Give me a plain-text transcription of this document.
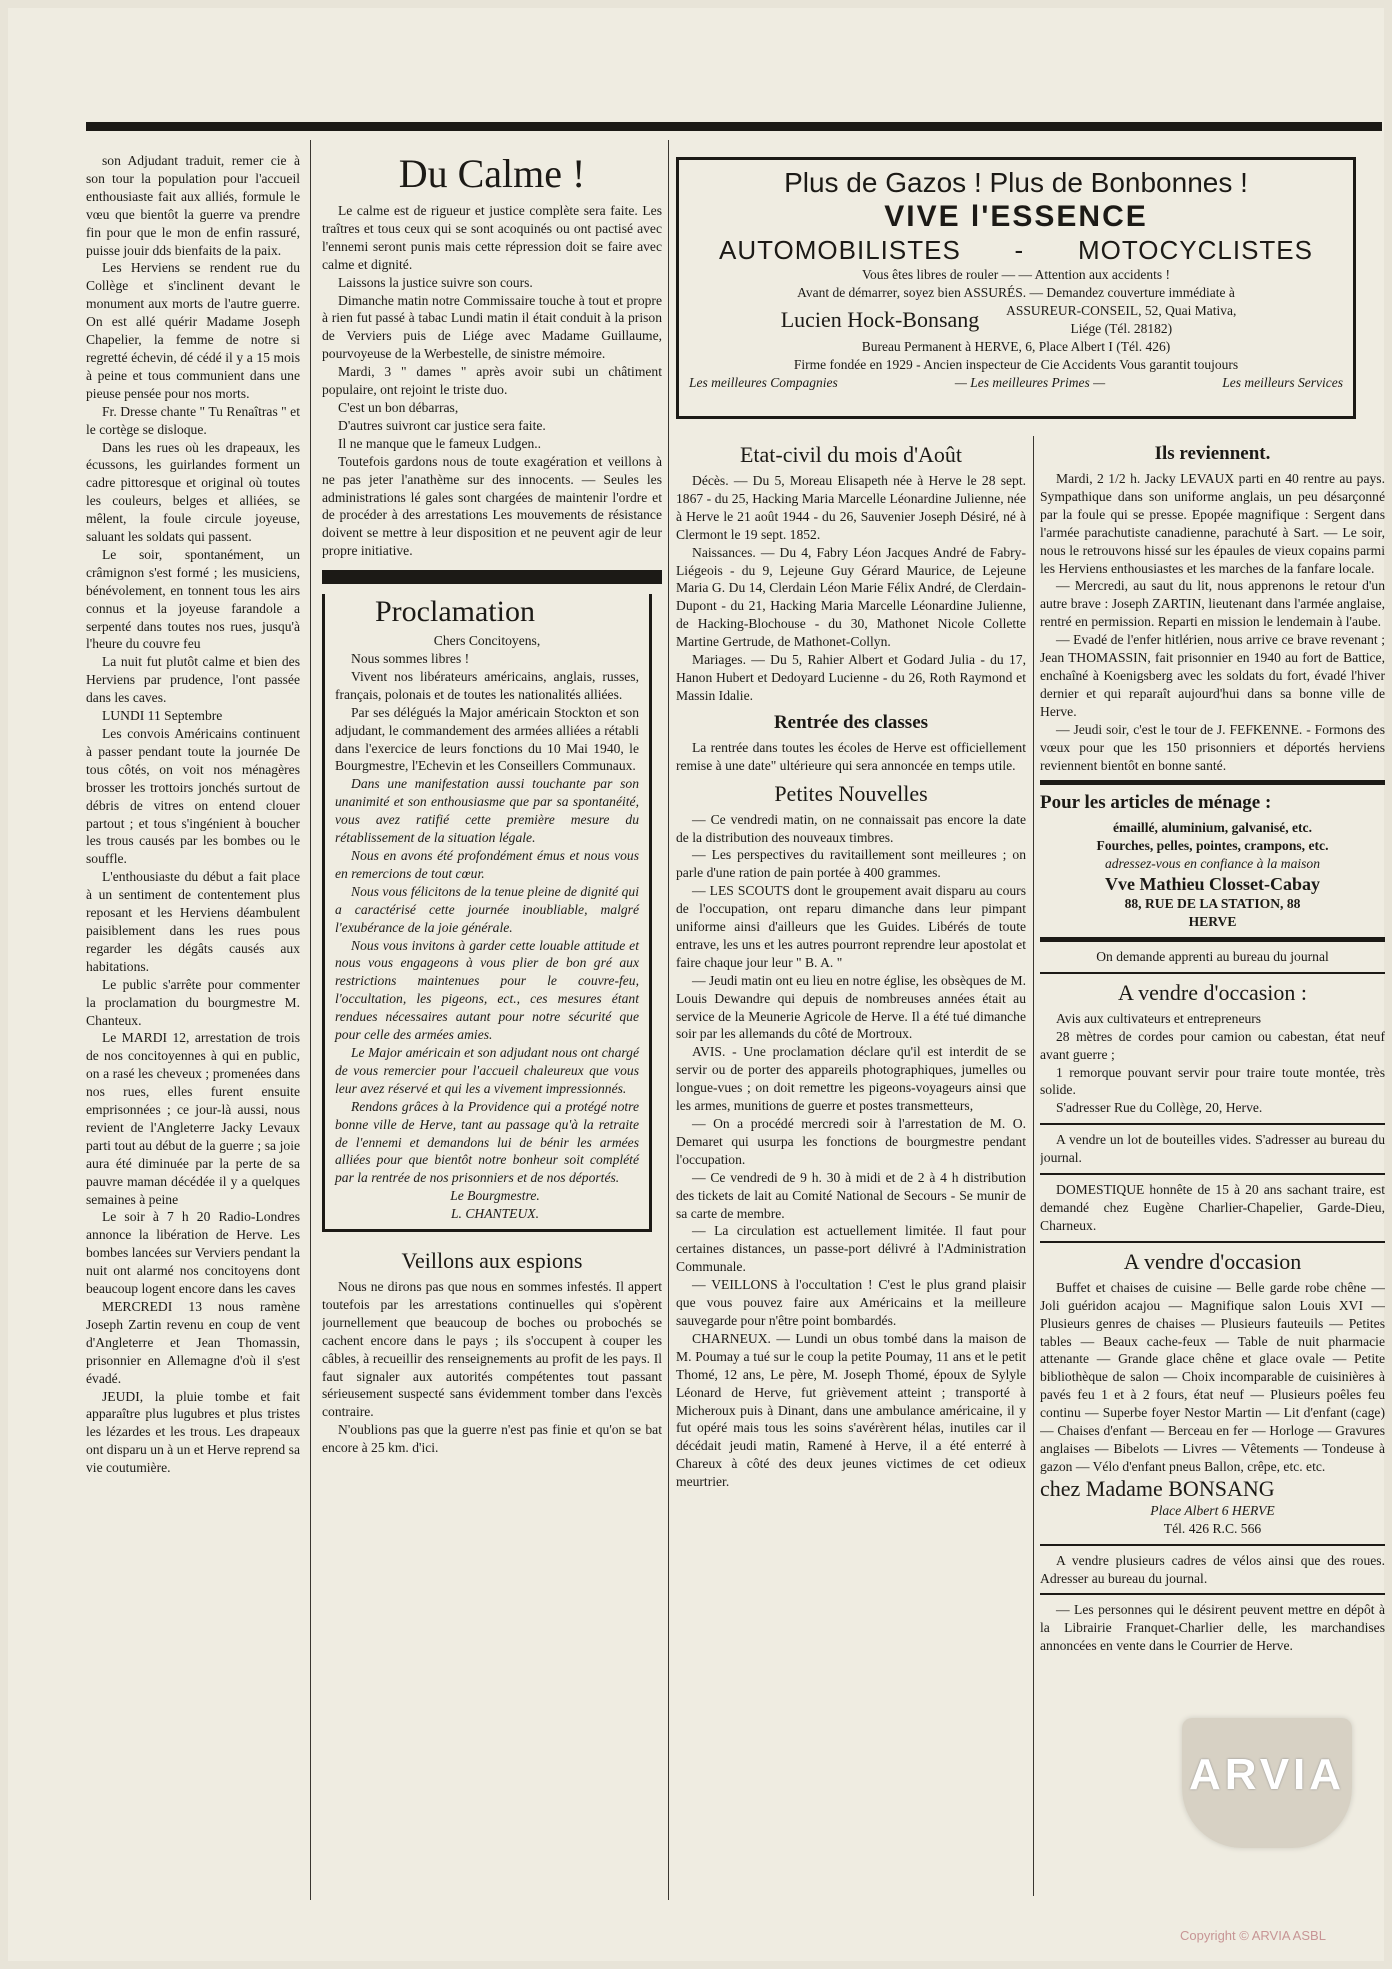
son Adjudant traduit, remer cie à son tour la population pour l'accueil enthousiaste fait aux alliés, formule le vœu que bientôt la guerre va prendre fin pour que le mon de enfin rassuré, puisse jouir dds bienfaits de la paix.

Les Herviens se rendent rue du Collège et s'inclinent devant le monument aux morts de l'autre guerre. On est allé quérir Madame Joseph Chapelier, la femme de notre si regretté échevin, dé cédé il y a 15 mois à peine et tous communient dans une pieuse pensée pour nos morts.

Fr. Dresse chante " Tu Renaîtras " et le cortège se disloque.

Dans les rues où les drapeaux, les écussons, les guirlandes forment un cadre pittoresque et original où toutes les couleurs, belges et alliées, se mêlent, la foule circule joyeuse, saluant les soldats qui passent.

Le soir, spontanément, un crâmignon s'est formé ; les musiciens, bénévolement, en tonnent tous les airs connus et la joyeuse farandole a serpenté dans toutes nos rues, jusqu'à l'heure du couvre feu

La nuit fut plutôt calme et bien des Herviens par prudence, l'ont passée dans les caves.

LUNDI 11 Septembre

Les convois Américains continuent à passer pendant toute la journée De tous côtés, on voit nos ménagères brosser les trottoirs jonchés surtout de débris de vitres on entend clouer partout ; et tous s'ingénient à boucher les trous causés par les bombes ou le souffle.

L'enthousiaste du début a fait place à un sentiment de contentement plus reposant et les Herviens déambulent paisiblement dans les rues pous regarder les dégâts causés aux habitations.

Le public s'arrête pour commenter la proclamation du bourgmestre M. Chanteux.

Le MARDI 12, arrestation de trois de nos concitoyennes à qui en public, on a rasé les cheveux ; promenées dans nos rues, elles furent ensuite emprisonnées ; ce jour-là aussi, nous revient de l'Angleterre Jacky Levaux parti tout au début de la guerre ; sa joie aura été diminuée par la perte de sa pauvre maman décédée il y a quelques semaines à peine

Le soir à 7 h 20 Radio-Londres annonce la libération de Herve. Les bombes lancées sur Verviers pendant la nuit ont alarmé nos concitoyens dont beaucoup logent encore dans les caves

MERCREDI 13 nous ramène Joseph Zartin revenu en coup de vent d'Angleterre et Jean Thomassin, prisonnier en Allemagne d'où il s'est évadé.

JEUDI, la pluie tombe et fait apparaître plus lugubres et plus tristes les lézardes et les trous. Les drapeaux ont disparu un à un et Herve reprend sa vie coutumière.

Du Calme !

Le calme est de rigueur et justice complète sera faite. Les traîtres et tous ceux qui se sont acoquinés ou ont pactisé avec l'ennemi seront punis mais cette répression doit se faire avec calme et dignité.

Laissons la justice suivre son cours.

Dimanche matin notre Commissaire touche à tout et propre à rien fut passé à tabac Lundi matin il était conduit à la prison de Verviers puis de Liége avec Madame Guillaume, pourvoyeuse de la Werbestelle, de sinistre mémoire.

Mardi, 3 " dames " après avoir subi un châtiment populaire, ont rejoint le triste duo.

C'est un bon débarras,

D'autres suivront car justice sera faite.

Il ne manque que le fameux Ludgen..

Toutefois gardons nous de toute exagération et veillons à ne pas jeter l'anathème sur des innocents. — Seules les administrations lé gales sont chargées de maintenir l'ordre et de procéder à des arrestations Les mouvements de résistance doivent se mettre à leur disposition et ne peuvent agir de leur propre initiative.

Proclamation

Chers Concitoyens,

Nous sommes libres !

Vivent nos libérateurs américains, anglais, russes, français, polonais et de toutes les nationalités alliées.

Par ses délégués la Major américain Stockton et son adjudant, le commandement des armées alliées a rétabli dans l'exercice de leurs fonctions du 10 Mai 1940, le Bourgmestre, l'Echevin et les Conseillers Communaux.

Dans une manifestation aussi touchante par son unanimité et son enthousiasme que par sa spontanéité, vous avez ratifié cette première mesure du rétablissement de la situation légale.

Nous en avons été profondément émus et nous vous en remercions de tout cœur.

Nous vous félicitons de la tenue pleine de dignité qui a caractérisé cette journée inoubliable, malgré l'exubérance de la joie générale.

Nous vous invitons à garder cette louable attitude et nous vous engageons à vous plier de bon gré aux restrictions maintenues pour le couvre-feu, l'occultation, les pigeons, ect., ces mesures étant rendues nécessaires autant pour notre sécurité que pour celle des armées amies.

Le Major américain et son adjudant nous ont chargé de vous remercier pour l'accueil chaleureux que vous leur avez réservé et qui les a vivement impressionnés.

Rendons grâces à la Providence qui a protégé notre bonne ville de Herve, tant au passage qu'à la retraite de l'ennemi et demandons lui de bénir les armées alliées pour que bientôt notre bonheur soit complété par la rentrée de nos prisonniers et de nos déportés.

Le Bourgmestre.

L. CHANTEUX.

Veillons aux espions

Nous ne dirons pas que nous en sommes infestés. Il appert toutefois par les arrestations continuelles qui s'opèrent journellement que beaucoup de boches ou probochés se cachent encore dans le pays ; ils s'occupent à couper les câbles, à recueillir des renseignements au profit de les pays. Il faut signaler aux autorités compétentes tout passant sérieusement suspecté sans évidemment tomber dans l'excès contraire.

N'oublions pas que la guerre n'est pas finie et qu'on se bat encore à 25 km. d'ici.

Plus de Gazos ! Plus de Bonbonnes !
VIVE l'ESSENCE
AUTOMOBILISTES - MOTOCYCLISTES
Vous êtes libres de rouler — — Attention aux accidents !
Avant de démarrer, soyez bien ASSURÉS. — Demandez couverture immédiate à
Lucien Hock-Bonsang	ASSUREUR-CONSEIL, 52, Quai Mativa, Liége (Tél. 28182)
Bureau Permanent à HERVE, 6, Place Albert I (Tél. 426)
Firme fondée en 1929 - Ancien inspecteur de Cie Accidents Vous garantit toujours
Les meilleures Compagnies	— Les meilleures Primes —	Les meilleurs Services
Etat-civil du mois d'Août

Décès. — Du 5, Moreau Elisapeth née à Herve le 28 sept. 1867 - du 25, Hacking Maria Marcelle Léonardine Julienne, née à Herve le 21 août 1944 - du 26, Sauvenier Joseph Désiré, né à Clermont le 19 sept. 1852.

Naissances. — Du 4, Fabry Léon Jacques André de Fabry-Liégeois - du 9, Lejeune Guy Gérard Maurice, de Lejeune Maria G. Du 14, Clerdain Léon Marie Félix André, de Clerdain-Dupont - du 21, Hacking Maria Marcelle Léonardine Julienne, de Hacking-Blochouse - du 30, Mathonet Nicole Collette Martine Gertrude, de Mathonet-Collyn.

Mariages. — Du 5, Rahier Albert et Godard Julia - du 17, Hanon Hubert et Dedoyard Lucienne - du 26, Roth Raymond et Massin Idalie.

Rentrée des classes

La rentrée dans toutes les écoles de Herve est officiellement remise à une date" ultérieure qui sera annoncée en temps utile.

Petites Nouvelles

— Ce vendredi matin, on ne connaissait pas encore la date de la distribution des nouveaux timbres.

— Les perspectives du ravitaillement sont meilleures ; on parle d'une ration de pain portée à 400 grammes.

— LES SCOUTS dont le groupement avait disparu au cours de l'occupation, ont reparu dimanche dans leur pimpant uniforme ainsi d'ailleurs que les Guides. Libérés de toute entrave, les uns et les autres pourront reprendre leur apostolat et faire chaque jour leur " B. A. "

— Jeudi matin ont eu lieu en notre église, les obsèques de M. Louis Dewandre qui depuis de nombreuses années était au service de la Meunerie Agricole de Herve. Il a été tué dimanche soir par les allemands du côté de Mortroux.

AVIS. - Une proclamation déclare qu'il est interdit de se servir ou de porter des appareils photographiques, jumelles ou longue-vues ; on doit remettre les pigeons-voyageurs ainsi que les armes, munitions de guerre et postes transmetteurs,

— On a procédé mercredi soir à l'arrestation de M. O. Demaret qui usurpa les fonctions de bourgmestre pendant l'occupation.

— Ce vendredi de 9 h. 30 à midi et de 2 à 4 h distribution des tickets de lait au Comité National de Secours - Se munir de sa carte de membre.

— La circulation est actuellement limitée. Il faut pour certaines distances, un passe-port délivré à l'Administration Communale.

— VEILLONS à l'occultation ! C'est le plus grand plaisir que vous pouvez faire aux Américains et la meilleure sauvegarde pour n'être point bombardés.

CHARNEUX. — Lundi un obus tombé dans la maison de M. Poumay a tué sur le coup la petite Poumay, 11 ans et le petit Thomé, 12 ans, Le père, M. Joseph Thomé, époux de Sylyle Léonard de Herve, fut grièvement atteint ; transporté à Micheroux puis à Dinant, dans une ambulance américaine, il y fut opéré mais tous les soins s'avérèrent hélas, inutiles car il décédait jeudi matin, Ramené à Herve, il a été enterré à Chareux à côté des deux jeunes victimes de cet odieux meurtrier.

Ils reviennent.

Mardi, 2 1/2 h. Jacky LEVAUX parti en 40 rentre au pays. Sympathique dans son uniforme anglais, un peu désarçonné par la foule qui se presse. Epopée magnifique : Sergent dans l'armée parachutiste canadienne, parachuté à Sart. — Le soir, nous le retrouvons hissé sur les épaules de vieux copains parmi les Herviens enthousiastes et les marches de la fanfare locale.

— Mercredi, au saut du lit, nous apprenons le retour d'un autre brave : Joseph ZARTIN, lieutenant dans l'armée anglaise, rentré en permission. Reparti en mission le lendemain à l'aube.

— Evadé de l'enfer hitlérien, nous arrive ce brave revenant ; Jean THOMASSIN, fait prisonnier en 1940 au fort de Battice, enchaîné à Koenigsberg avec les soldats du fort, évadé l'hiver dernier et qui reparaît aujourd'hui dans sa bonne ville de Herve.

— Jeudi soir, c'est le tour de J. FEFKENNE. - Formons des vœux pour que les 150 prisonniers et déportés herviens reviennent bientôt en bonne santé.

Pour les articles de ménage :

émaillé, aluminium, galvanisé, etc.

Fourches, pelles, pointes, crampons, etc.

adressez-vous en confiance à la maison

Vve Mathieu Closset-Cabay

88, RUE DE LA STATION, 88

HERVE

On demande apprenti au bureau du journal

A vendre d'occasion :

Avis aux cultivateurs et entrepreneurs

28 mètres de cordes pour camion ou cabestan, état neuf avant guerre ;

1 remorque pouvant servir pour traire toute montée, très solide.

S'adresser Rue du Collège, 20, Herve.

A vendre un lot de bouteilles vides. S'adresser au bureau du journal.

DOMESTIQUE honnête de 15 à 20 ans sachant traire, est demandé chez Eugène Charlier-Chapelier, Garde-Dieu, Charneux.

A vendre d'occasion

Buffet et chaises de cuisine — Belle garde robe chêne — Joli guéridon acajou — Magnifique salon Louis XVI — Plusieurs genres de chaises — Plusieurs fauteuils — Petites tables — Beaux cache-feux — Table de nuit pharmacie attenante — Grande glace chêne et glace ovale — Petite bibliothèque de salon — Choix incomparable de cuisinières à pavés feu 1 et à 2 fours, état neuf — Plusieurs poêles feu continu — Superbe foyer Nestor Martin — Lit d'enfant (cage) — Chaises d'enfant — Berceau en fer — Horloge — Gravures anglaises — Bibelots — Livres — Vêtements — Tondeuse à gazon — Vélo d'enfant pneus Ballon, crêpe, etc. etc.

chez Madame BONSANG

Place Albert 6 HERVE

Tél. 426 R.C. 566

A vendre plusieurs cadres de vélos ainsi que des roues. Adresser au bureau du journal.

— Les personnes qui le désirent peuvent mettre en dépôt à la Librairie Franquet-Charlier delle, les marchandises annoncées en vente dans le Courrier de Herve.

ARVIA
Copyright © ARVIA ASBL
